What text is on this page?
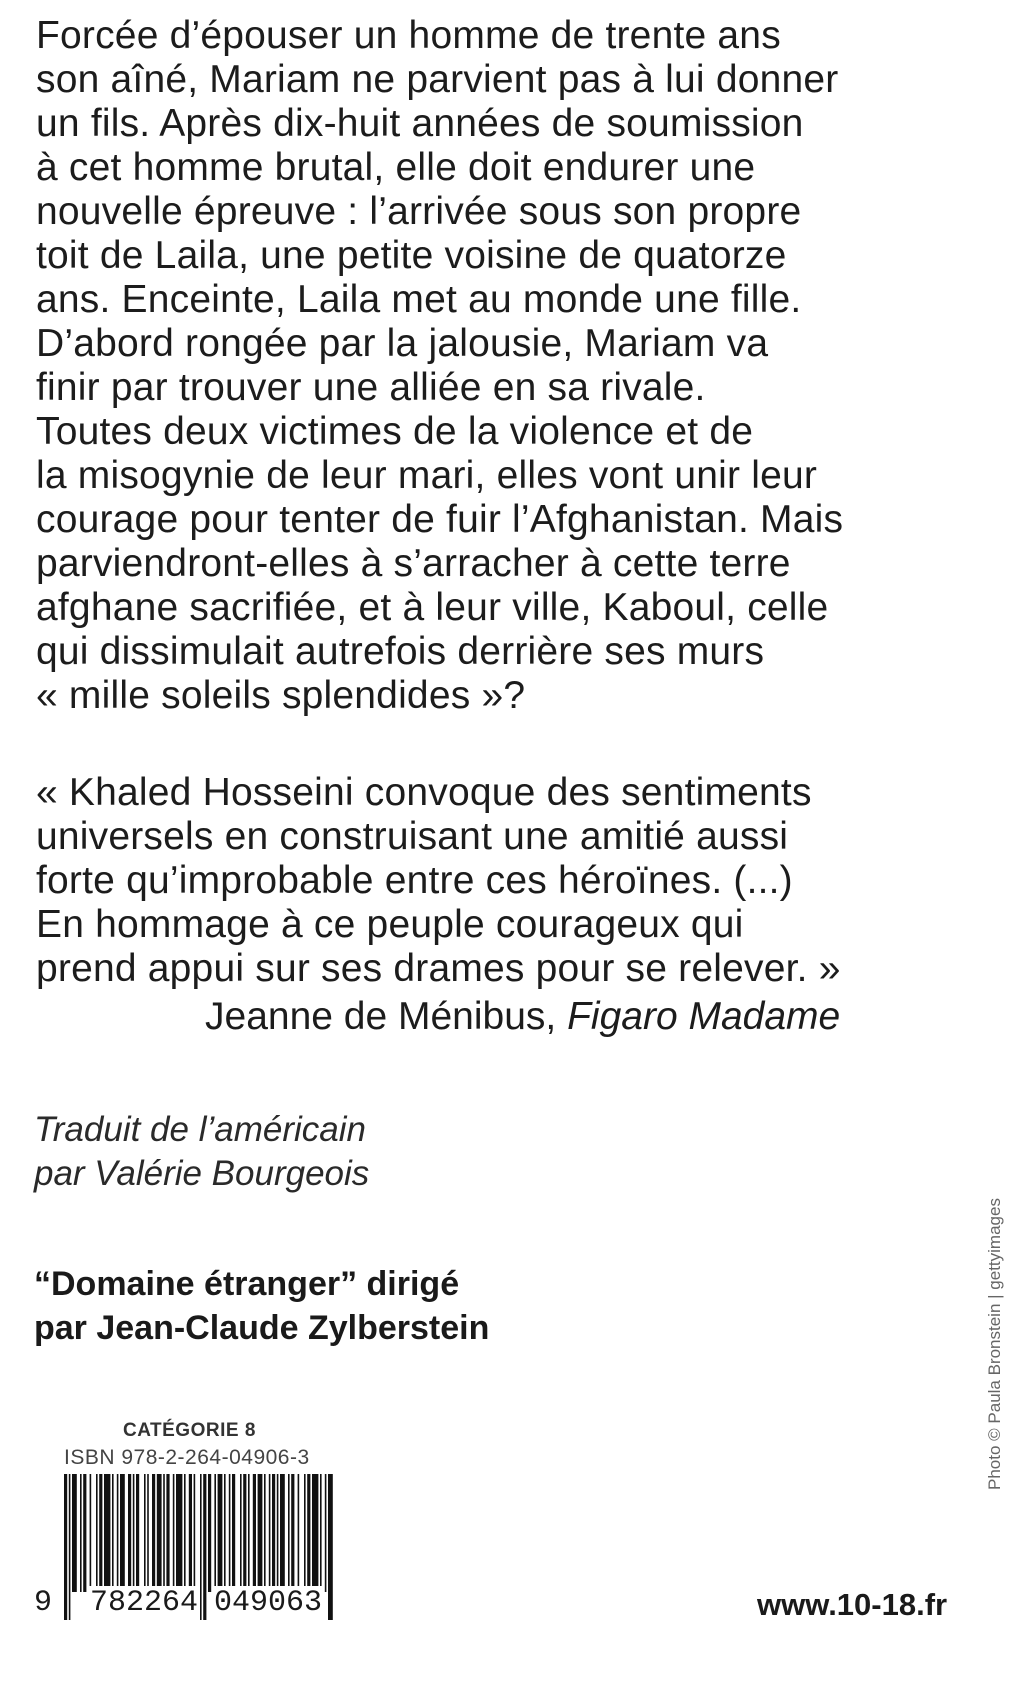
Forcée d’épouser un homme de trente ans
son aîné, Mariam ne parvient pas à lui donner
un fils. Après dix-huit années de soumission
à cet homme brutal, elle doit endurer une
nouvelle épreuve : l’arrivée sous son propre
toit de Laila, une petite voisine de quatorze
ans. Enceinte, Laila met au monde une fille.
D’abord rongée par la jalousie, Mariam va
finir par trouver une alliée en sa rivale.
Toutes deux victimes de la violence et de
la misogynie de leur mari, elles vont unir leur
courage pour tenter de fuir l’Afghanistan. Mais
parviendront-elles à s’arracher à cette terre
afghane sacrifiée, et à leur ville, Kaboul, celle
qui dissimulait autrefois derrière ses murs
« mille soleils splendides »?
« Khaled Hosseini convoque des sentiments
universels en construisant une amitié aussi
forte qu’improbable entre ces héroïnes. (...)
En hommage à ce peuple courageux qui
prend appui sur ses drames pour se relever. »
Jeanne de Ménibus, Figaro Madame
Traduit de l’américain
par Valérie Bourgeois
“Domaine étranger” dirigé
par Jean-Claude Zylberstein
CATÉGORIE 8
ISBN 978-2-264-04906-3
9 782264 049063	www.10-18.fr
Photo © Paula Bronstein | gettyimages
